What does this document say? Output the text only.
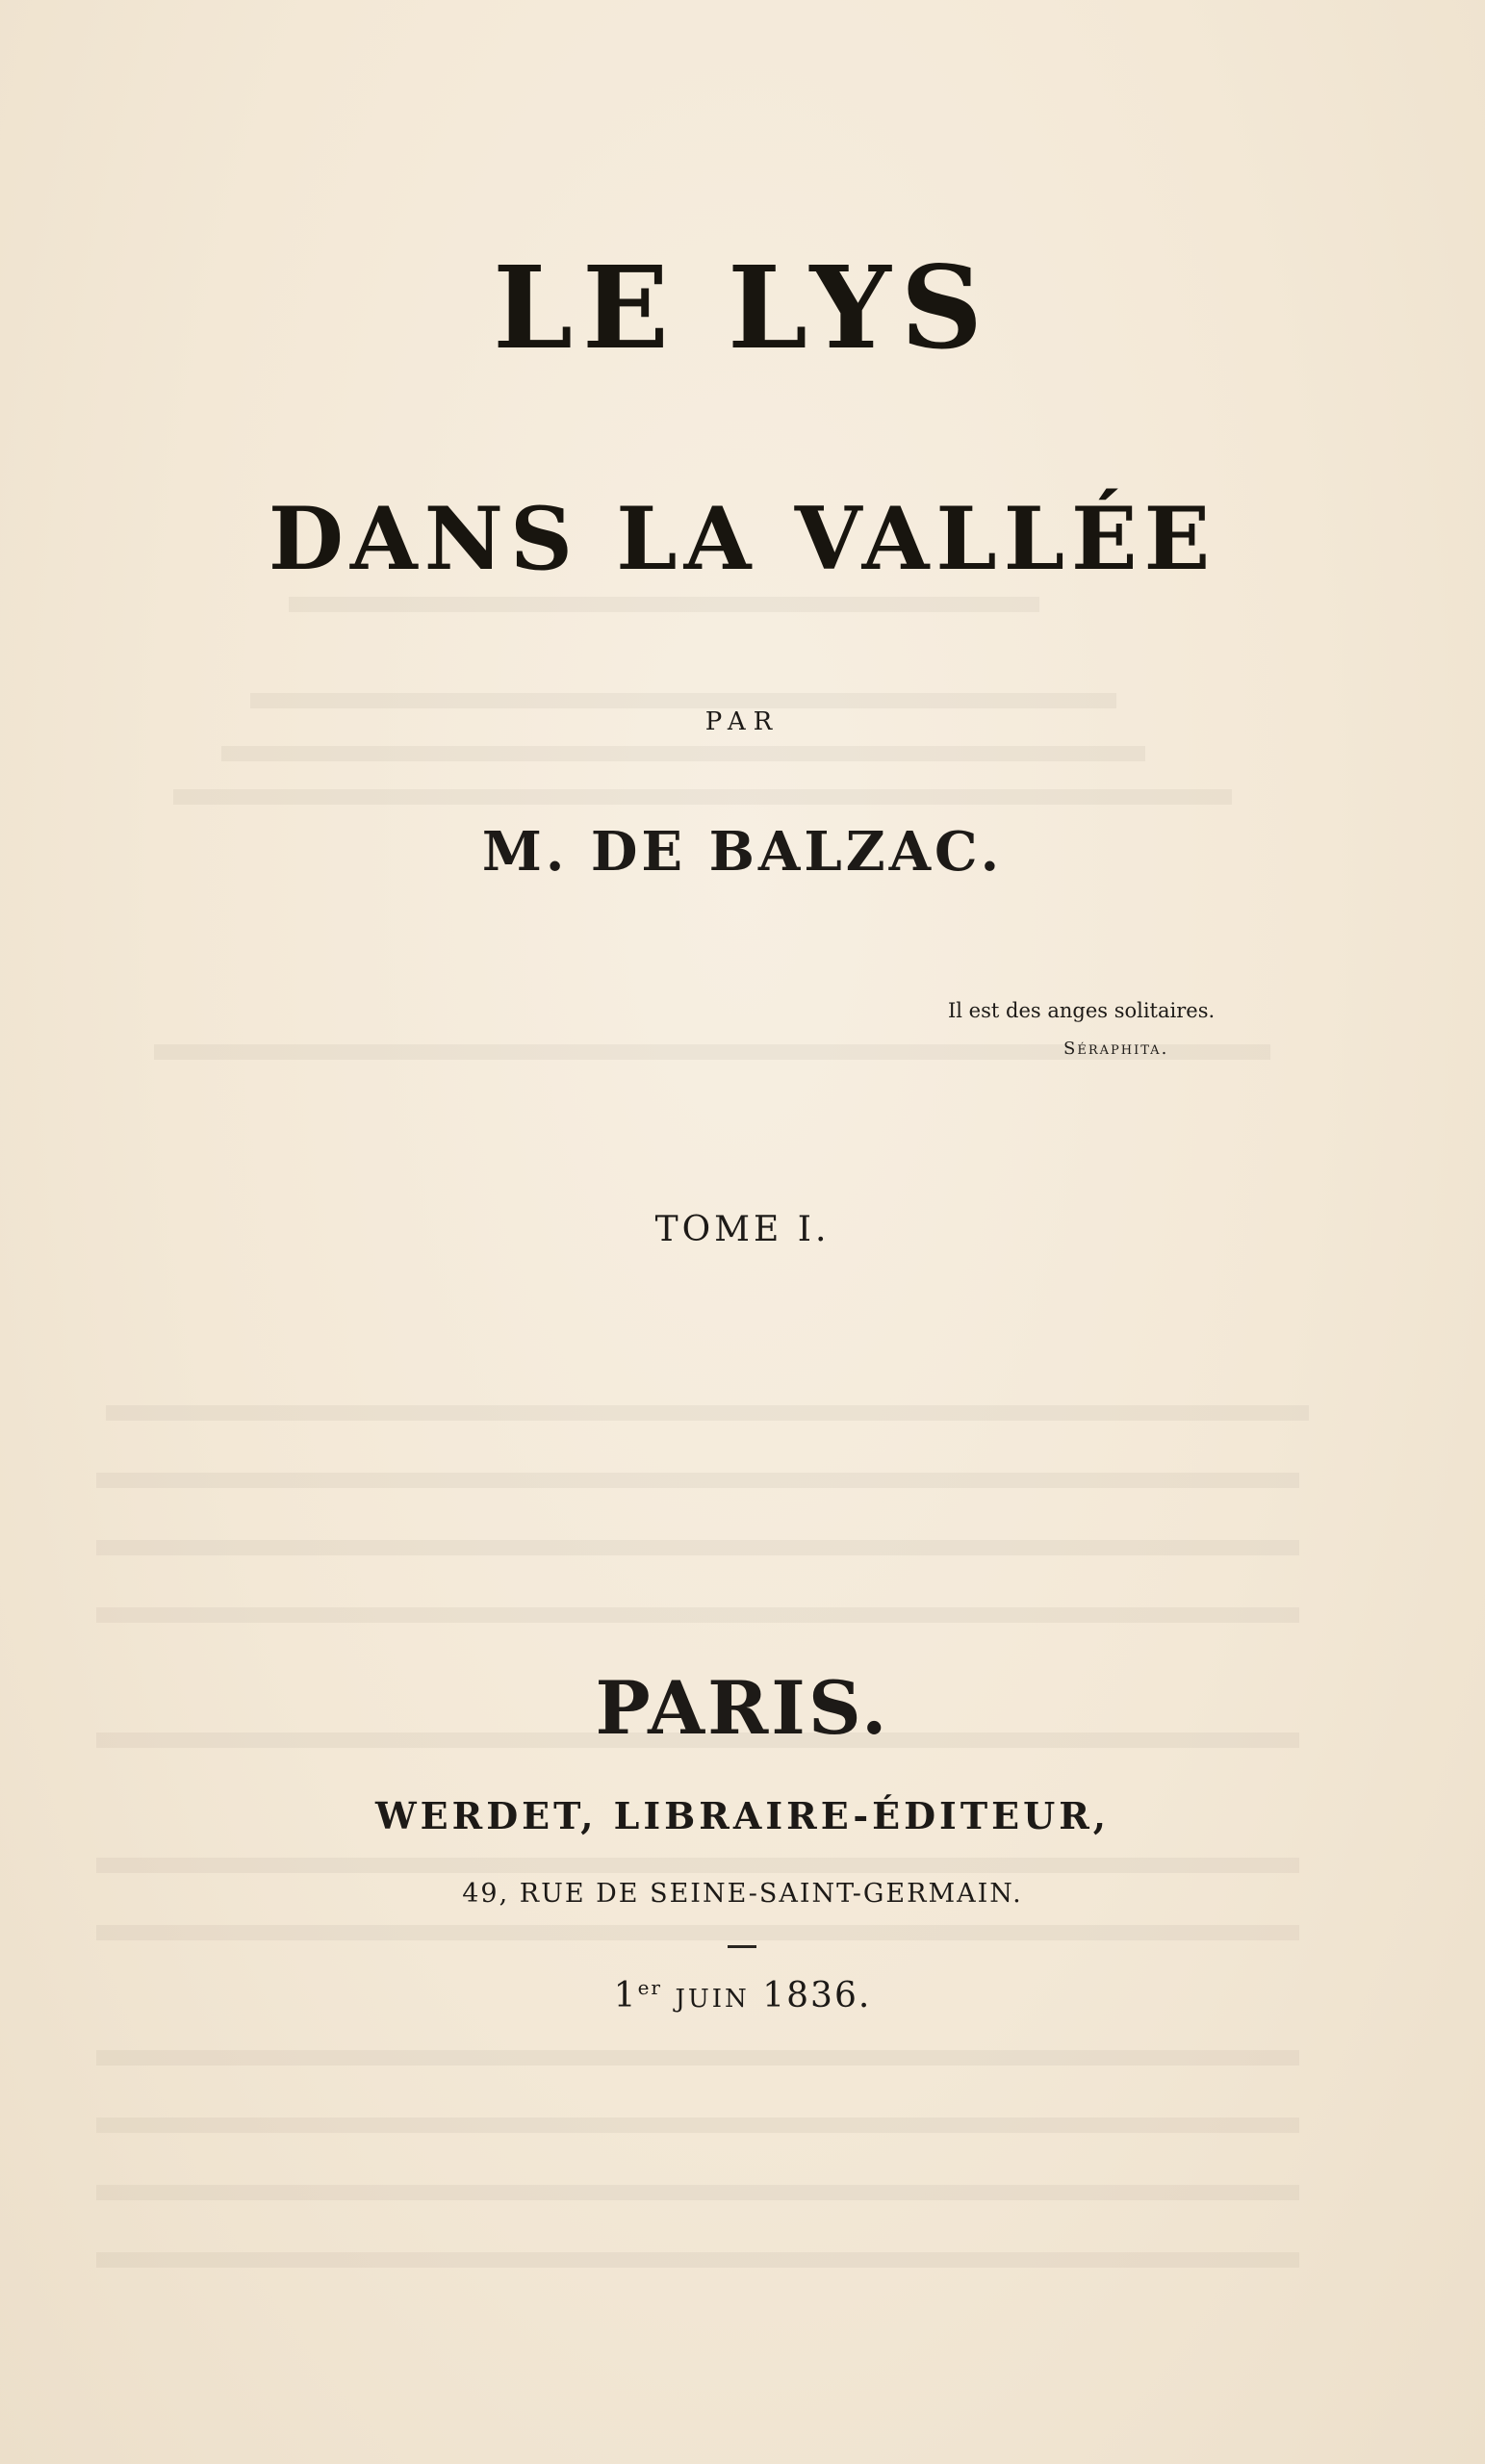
LE LYS
DANS LA VALLÉE
PAR
M. DE BALZAC.
Il est des anges solitaires.
Séraphita.
TOME I.
PARIS.
WERDET, LIBRAIRE-ÉDITEUR,
49, RUE DE SEINE-SAINT-GERMAIN.
1er JUIN 1836.
